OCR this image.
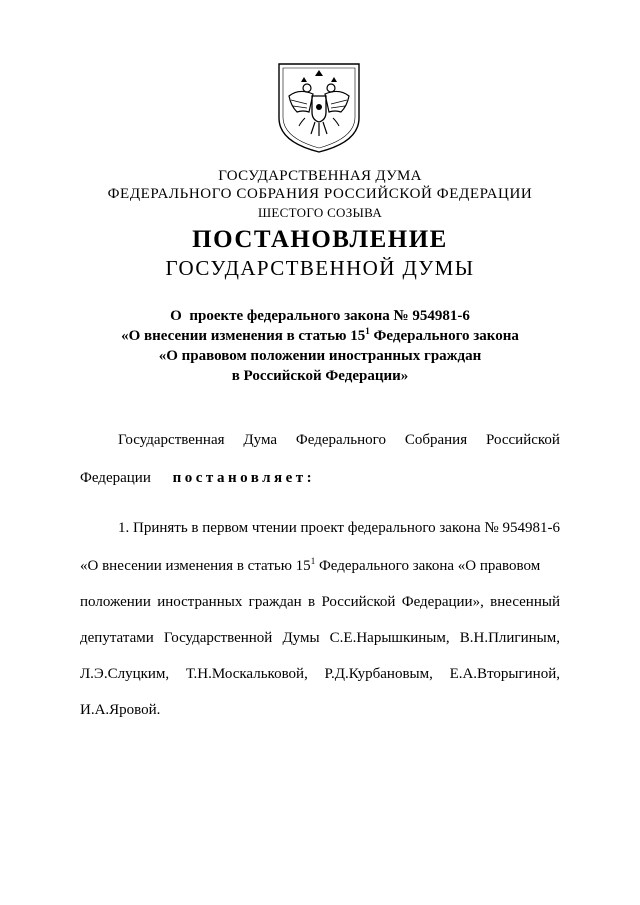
ГОСУДАРСТВЕННАЯ ДУМА
ФЕДЕРАЛЬНОГО СОБРАНИЯ РОССИЙСКОЙ ФЕДЕРАЦИИ
ШЕСТОГО СОЗЫВА
ПОСТАНОВЛЕНИЕ
ГОСУДАРСТВЕННОЙ ДУМЫ
О  проекте федерального закона № 954981-6
«О внесении изменения в статью $15^1$ Федерального закона
«О правовом положении иностранных граждан
в Российской Федерации»
Государственная Дума Федерального Собрания Российской
Федерации постановляет:
1. Принять в первом чтении проект федерального закона № 954981-6
«О внесении изменения в статью $15^1$ Федерального закона «О правовом
положении иностранных граждан в Российской Федерации», внесенный
депутатами Государственной Думы С.Е.Нарышкиным, В.Н.Плигиным,
Л.Э.Слуцким, Т.Н.Москальковой, Р.Д.Курбановым, Е.А.Вторыгиной,
И.А.Яровой.
